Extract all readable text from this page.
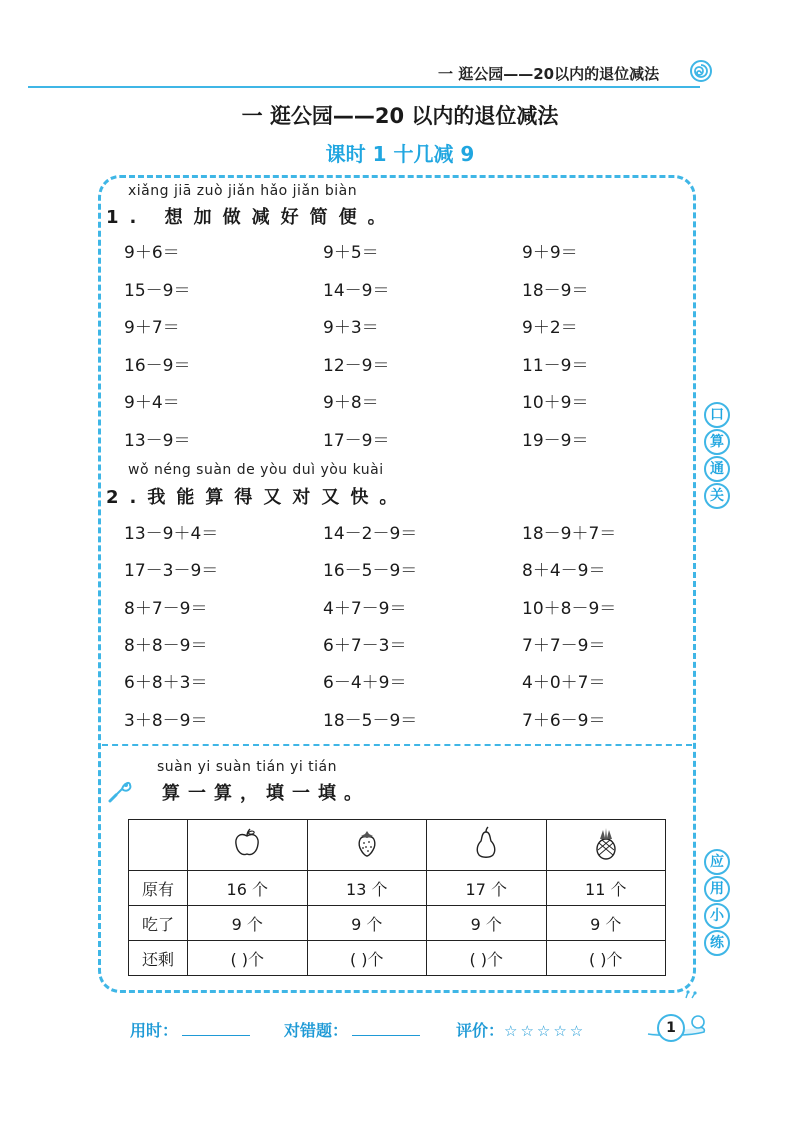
一 逛公园——20以内的退位减法
一 逛公园——20 以内的退位减法
课时 1 十几减 9
xiǎng jiā zuò jiǎn hǎo jiǎn biàn
1. 想加做减好简便。
9＋6＝	9＋5＝	9＋9＝
15－9＝	14－9＝	18－9＝
9＋7＝	9＋3＝	9＋2＝
16－9＝	12－9＝	11－9＝
9＋4＝	9＋8＝	10＋9＝
13－9＝	17－9＝	19－9＝
wǒ néng suàn de yòu duì yòu kuài
2.我能算得又对又快。
13－9＋4＝	14－2－9＝	18－9＋7＝
17－3－9＝	16－5－9＝	8＋4－9＝
8＋7－9＝	4＋7－9＝	10＋8－9＝
8＋8－9＝	6＋7－3＝	7＋7－9＝
6＋8＋3＝	6－4＋9＝	4＋0＋7＝
3＋8－9＝	18－5－9＝	7＋6－9＝
口
算
通
关
应
用
小
练
suàn yi suàn tián yi tián
算一算，填一填。

原有	16 个	13 个	17 个	11 个
吃了	9 个	9 个	9 个	9 个
还剩	( )个	( )个	( )个	( )个
用时：	对错题：	评价：☆☆☆☆☆	1
